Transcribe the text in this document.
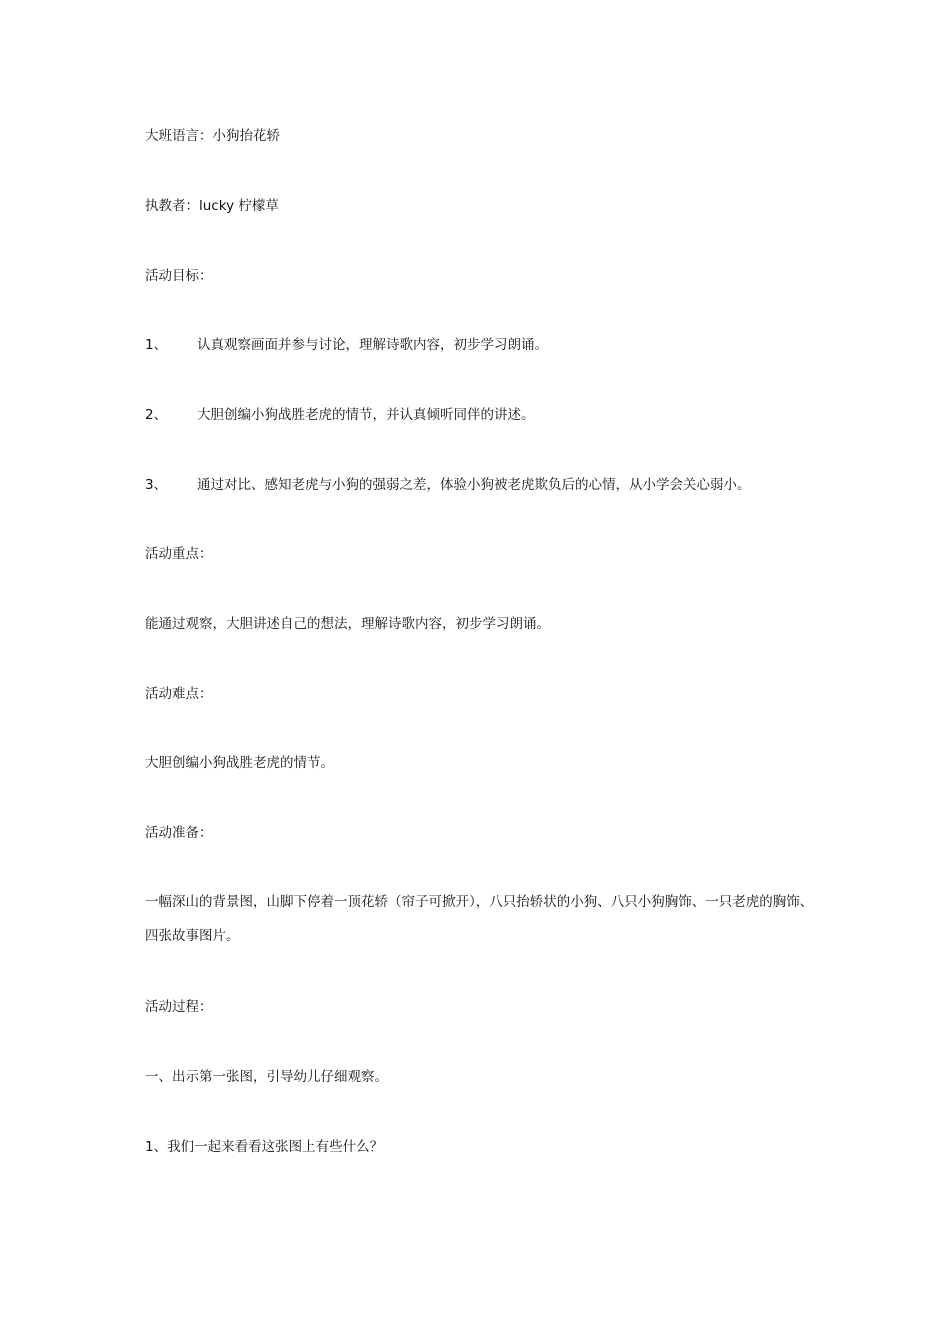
大班语言：小狗抬花轿
执教者：lucky 柠檬草
活动目标：
1、 认真观察画面并参与讨论，理解诗歌内容，初步学习朗诵。
2、 大胆创编小狗战胜老虎的情节，并认真倾听同伴的讲述。
3、 通过对比、感知老虎与小狗的强弱之差，体验小狗被老虎欺负后的心情，从小学会关心弱小。
活动重点：
能通过观察，大胆讲述自己的想法，理解诗歌内容，初步学习朗诵。
活动难点：
大胆创编小狗战胜老虎的情节。
活动准备：
一幅深山的背景图，山脚下停着一顶花轿（帘子可掀开），八只抬轿状的小狗、八只小狗胸饰、一只老虎的胸饰、四张故事图片。
活动过程：
一、出示第一张图，引导幼儿仔细观察。
1、我们一起来看看这张图上有些什么？
